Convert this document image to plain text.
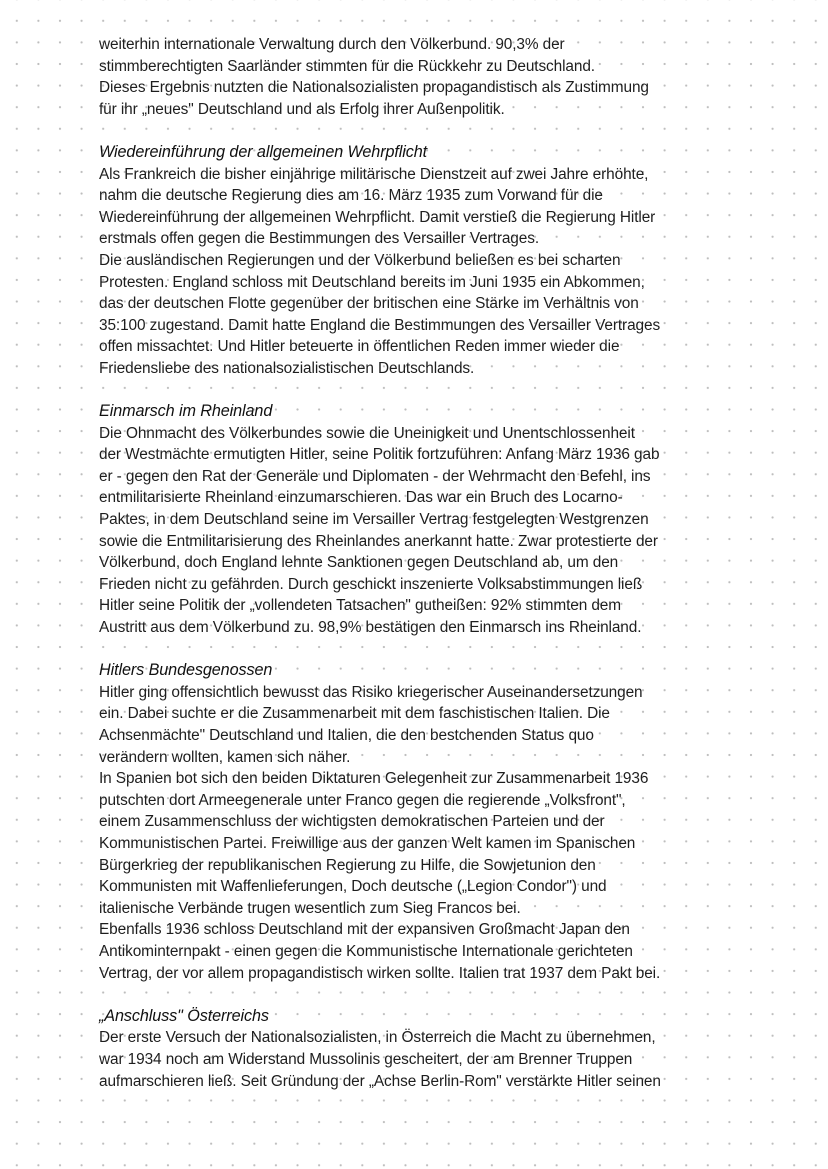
weiterhin internationale Verwaltung durch den Völkerbund. 90,3% der
stimmberechtigten Saarländer stimmten für die Rückkehr zu Deutschland.
Dieses Ergebnis nutzten die Nationalsozialisten propagandistisch als Zustimmung
für ihr „neues" Deutschland und als Erfolg ihrer Außenpolitik.
Wiedereinführung der allgemeinen Wehrpflicht
Als Frankreich die bisher einjährige militärische Dienstzeit auf zwei Jahre erhöhte,
nahm die deutsche Regierung dies am 16. März 1935 zum Vorwand für die
Wiedereinführung der allgemeinen Wehrpflicht. Damit verstieß die Regierung Hitler
erstmals offen gegen die Bestimmungen des Versailler Vertrages.
Die ausländischen Regierungen und der Völkerbund beließen es bei scharten
Protesten. England schloss mit Deutschland bereits im Juni 1935 ein Abkommen,
das der deutschen Flotte gegenüber der britischen eine Stärke im Verhältnis von
35:100 zugestand. Damit hatte England die Bestimmungen des Versailler Vertrages
offen missachtet. Und Hitler beteuerte in öffentlichen Reden immer wieder die
Friedensliebe des nationalsozialistischen Deutschlands.
Einmarsch im Rheinland
Die Ohnmacht des Völkerbundes sowie die Uneinigkeit und Unentschlossenheit
der Westmächte ermutigten Hitler, seine Politik fortzuführen: Anfang März 1936 gab
er - gegen den Rat der Generäle und Diplomaten - der Wehrmacht den Befehl, ins
entmilitarisierte Rheinland einzumarschieren. Das war ein Bruch des Locarno-
Paktes, in dem Deutschland seine im Versailler Vertrag festgelegten Westgrenzen
sowie die Entmilitarisierung des Rheinlandes anerkannt hatte. Zwar protestierte der
Völkerbund, doch England lehnte Sanktionen gegen Deutschland ab, um den
Frieden nicht zu gefährden. Durch geschickt inszenierte Volksabstimmungen ließ
Hitler seine Politik der „vollendeten Tatsachen" gutheißen: 92% stimmten dem
Austritt aus dem Völkerbund zu. 98,9% bestätigen den Einmarsch ins Rheinland.
Hitlers Bundesgenossen
Hitler ging offensichtlich bewusst das Risiko kriegerischer Auseinandersetzungen
ein. Dabei suchte er die Zusammenarbeit mit dem faschistischen Italien. Die
Achsenmächte" Deutschland und Italien, die den bestchenden Status quo
verändern wollten, kamen sich näher.
In Spanien bot sich den beiden Diktaturen Gelegenheit zur Zusammenarbeit 1936
putschten dort Armeegenerale unter Franco gegen die regierende „Volksfront",
einem Zusammenschluss der wichtigsten demokratischen Parteien und der
Kommunistischen Partei. Freiwillige aus der ganzen Welt kamen im Spanischen
Bürgerkrieg der republikanischen Regierung zu Hilfe, die Sowjetunion den
Kommunisten mit Waffenlieferungen, Doch deutsche („Legion Condor") und
italienische Verbände trugen wesentlich zum Sieg Francos bei.
Ebenfalls 1936 schloss Deutschland mit der expansiven Großmacht Japan den
Antikominternpakt - einen gegen die Kommunistische Internationale gerichteten
Vertrag, der vor allem propagandistisch wirken sollte. Italien trat 1937 dem Pakt bei.
„Anschluss" Österreichs
Der erste Versuch der Nationalsozialisten, in Österreich die Macht zu übernehmen,
war 1934 noch am Widerstand Mussolinis gescheitert, der am Brenner Truppen
aufmarschieren ließ. Seit Gründung der „Achse Berlin-Rom" verstärkte Hitler seinen
